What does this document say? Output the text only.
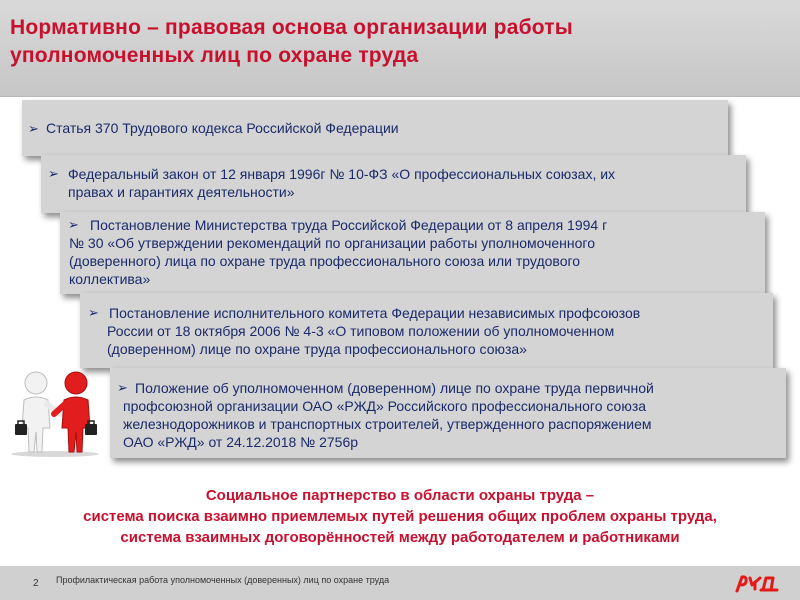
Нормативно – правовая основа организации работы
уполномоченных лиц по охране труда
➢ Статья 370 Трудового кодекса Российской Федерации
➢ Федеральный закон от 12 января 1996г № 10-ФЗ «О профессиональных союзах, их
правах и гарантиях деятельности»
➢ Постановление Министерства труда Российской Федерации от 8 апреля 1994 г
№ 30 «Об утверждении рекомендаций по организации работы уполномоченного
(доверенного) лица по охране труда профессионального союза или трудового
коллектива»
➢ Постановление исполнительного комитета Федерации независимых профсоюзов
России от 18 октября 2006 № 4-3 «О типовом положении об уполномоченном
(доверенном) лице по охране труда профессионального союза»
➢ Положение об уполномоченном (доверенном) лице по охране труда первичной
профсоюзной организации ОАО «РЖД» Российского профессионального союза
железнодорожников и транспортных строителей, утвержденного распоряжением
ОАО «РЖД» от 24.12.2018 № 2756р
Социальное партнерство в области охраны труда –
система поиска взаимно приемлемых путей решения общих проблем охраны труда,
система взаимных договорённостей между работодателем и работниками
2 Профилактическая работа уполномоченных (доверенных) лиц по охране труда
